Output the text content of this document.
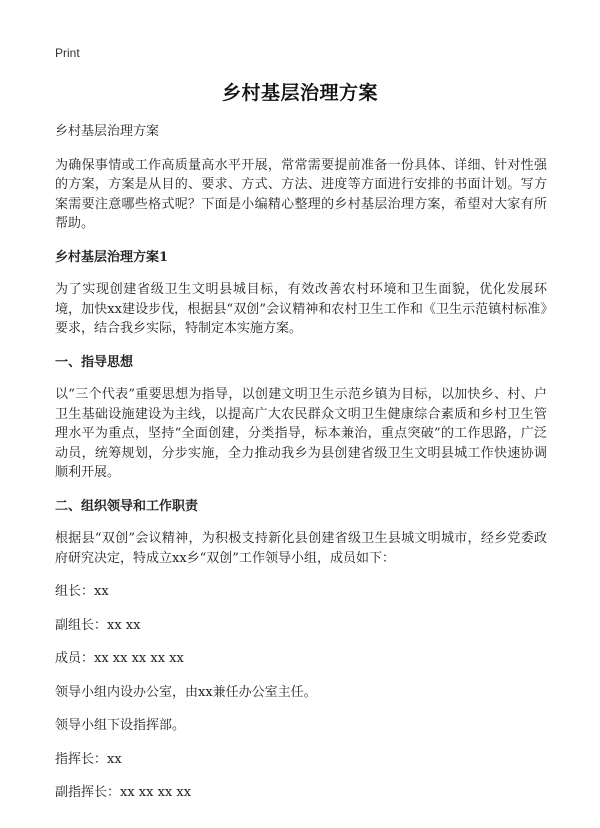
Print
乡村基层治理方案

乡村基层治理方案

为确保事情或工作高质量高水平开展，常常需要提前准备一份具体、详细、针对性强的方案，方案是从目的、要求、方式、方法、进度等方面进行安排的书面计划。写方案需要注意哪些格式呢？下面是小编精心整理的乡村基层治理方案，希望对大家有所帮助。

乡村基层治理方案1

为了实现创建省级卫生文明县城目标，有效改善农村环境和卫生面貌，优化发展环境，加快xx建设步伐，根据县“双创”会议精神和农村卫生工作和《卫生示范镇村标准》要求，结合我乡实际，特制定本实施方案。

一、指导思想

以“三个代表”重要思想为指导，以创建文明卫生示范乡镇为目标，以加快乡、村、户卫生基础设施建设为主线，以提高广大农民群众文明卫生健康综合素质和乡村卫生管理水平为重点，坚持“全面创建，分类指导，标本兼治，重点突破”的工作思路，广泛动员，统筹规划，分步实施，全力推动我乡为县创建省级卫生文明县城工作快速协调顺利开展。

二、组织领导和工作职责

根据县“双创”会议精神，为积极支持新化县创建省级卫生县城文明城市，经乡党委政府研究决定，特成立xx乡“双创”工作领导小组，成员如下：

组长：xx

副组长：xx xx

成员：xx xx xx xx xx

领导小组内设办公室，由xx兼任办公室主任。

领导小组下设指挥部。

指挥长：xx

副指挥长：xx xx xx xx
